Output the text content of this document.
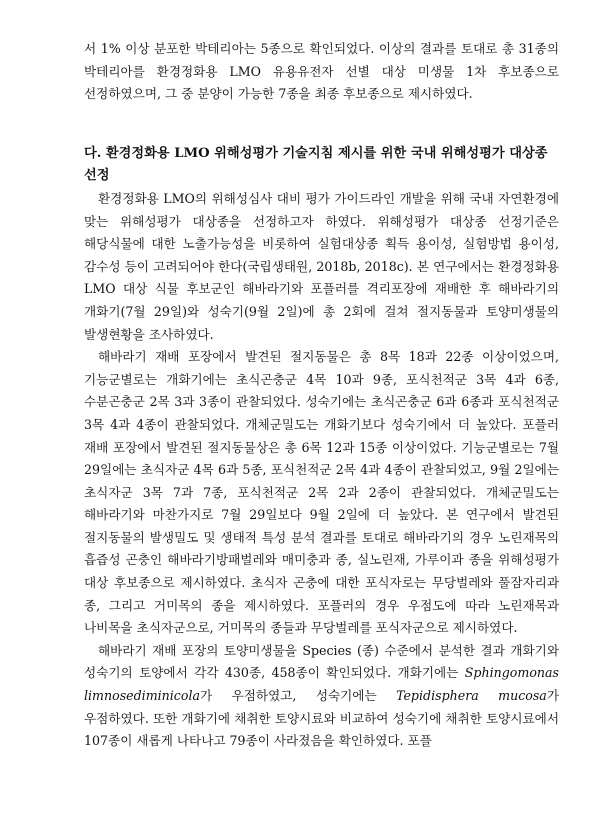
서 1% 이상 분포한 박테리아는 5종으로 확인되었다. 이상의 결과를 토대로 총 31종의 박테리아를 환경정화용 LMO 유용유전자 선별 대상 미생물 1차 후보종으로 선정하였으며, 그 중 분양이 가능한 7종을 최종 후보종으로 제시하였다.

다. 환경정화용 LMO 위해성평가 기술지침 제시를 위한 국내 위해성평가 대상종 선정

환경정화용 LMO의 위해성심사 대비 평가 가이드라인 개발을 위해 국내 자연환경에 맞는 위해성평가 대상종을 선정하고자 하였다. 위해성평가 대상종 선정기준은 해당식물에 대한 노출가능성을 비롯하여 실험대상종 획득 용이성, 실험방법 용이성, 감수성 등이 고려되어야 한다(국립생태원, 2018b, 2018c). 본 연구에서는 환경정화용 LMO 대상 식물 후보군인 해바라기와 포플러를 격리포장에 재배한 후 해바라기의 개화기(7월 29일)와 성숙기(9월 2일)에 총 2회에 걸쳐 절지동물과 토양미생물의 발생현황을 조사하였다.

해바라기 재배 포장에서 발견된 절지동물은 총 8목 18과 22종 이상이었으며, 기능군별로는 개화기에는 초식곤충군 4목 10과 9종, 포식천적군 3목 4과 6종, 수분곤충군 2목 3과 3종이 관찰되었다. 성숙기에는 초식곤충군 6과 6종과 포식천적군 3목 4과 4종이 관찰되었다. 개체군밀도는 개화기보다 성숙기에서 더 높았다. 포플러 재배 포장에서 발견된 절지동물상은 총 6목 12과 15종 이상이었다. 기능군별로는 7월 29일에는 초식자군 4목 6과 5종, 포식천적군 2목 4과 4종이 관찰되었고, 9월 2일에는 초식자군 3목 7과 7종, 포식천적군 2목 2과 2종이 관찰되었다. 개체군밀도는 해바라기와 마찬가지로 7월 29일보다 9월 2일에 더 높았다. 본 연구에서 발견된 절지동물의 발생밀도 및 생태적 특성 분석 결과를 토대로 해바라기의 경우 노린재목의 흡즙성 곤충인 해바라기방패벌레와 매미충과 종, 실노린재, 가루이과 종을 위해성평가 대상 후보종으로 제시하였다. 초식자 곤충에 대한 포식자로는 무당벌레와 풀잠자리과 종, 그리고 거미목의 종을 제시하였다. 포플러의 경우 우점도에 따라 노린재목과 나비목을 초식자군으로, 거미목의 종들과 무당벌레를 포식자군으로 제시하였다.

해바라기 재배 포장의 토양미생물을 Species (종) 수준에서 분석한 결과 개화기와 성숙기의 토양에서 각각 430종, 458종이 확인되었다. 개화기에는 Sphingomonas limnosediminicola가 우점하였고, 성숙기에는 Tepidisphera mucosa가 우점하였다. 또한 개화기에 채취한 토양시료와 비교하여 성숙기에 채취한 토양시료에서 107종이 새롭게 나타나고 79종이 사라졌음을 확인하였다. 포플
